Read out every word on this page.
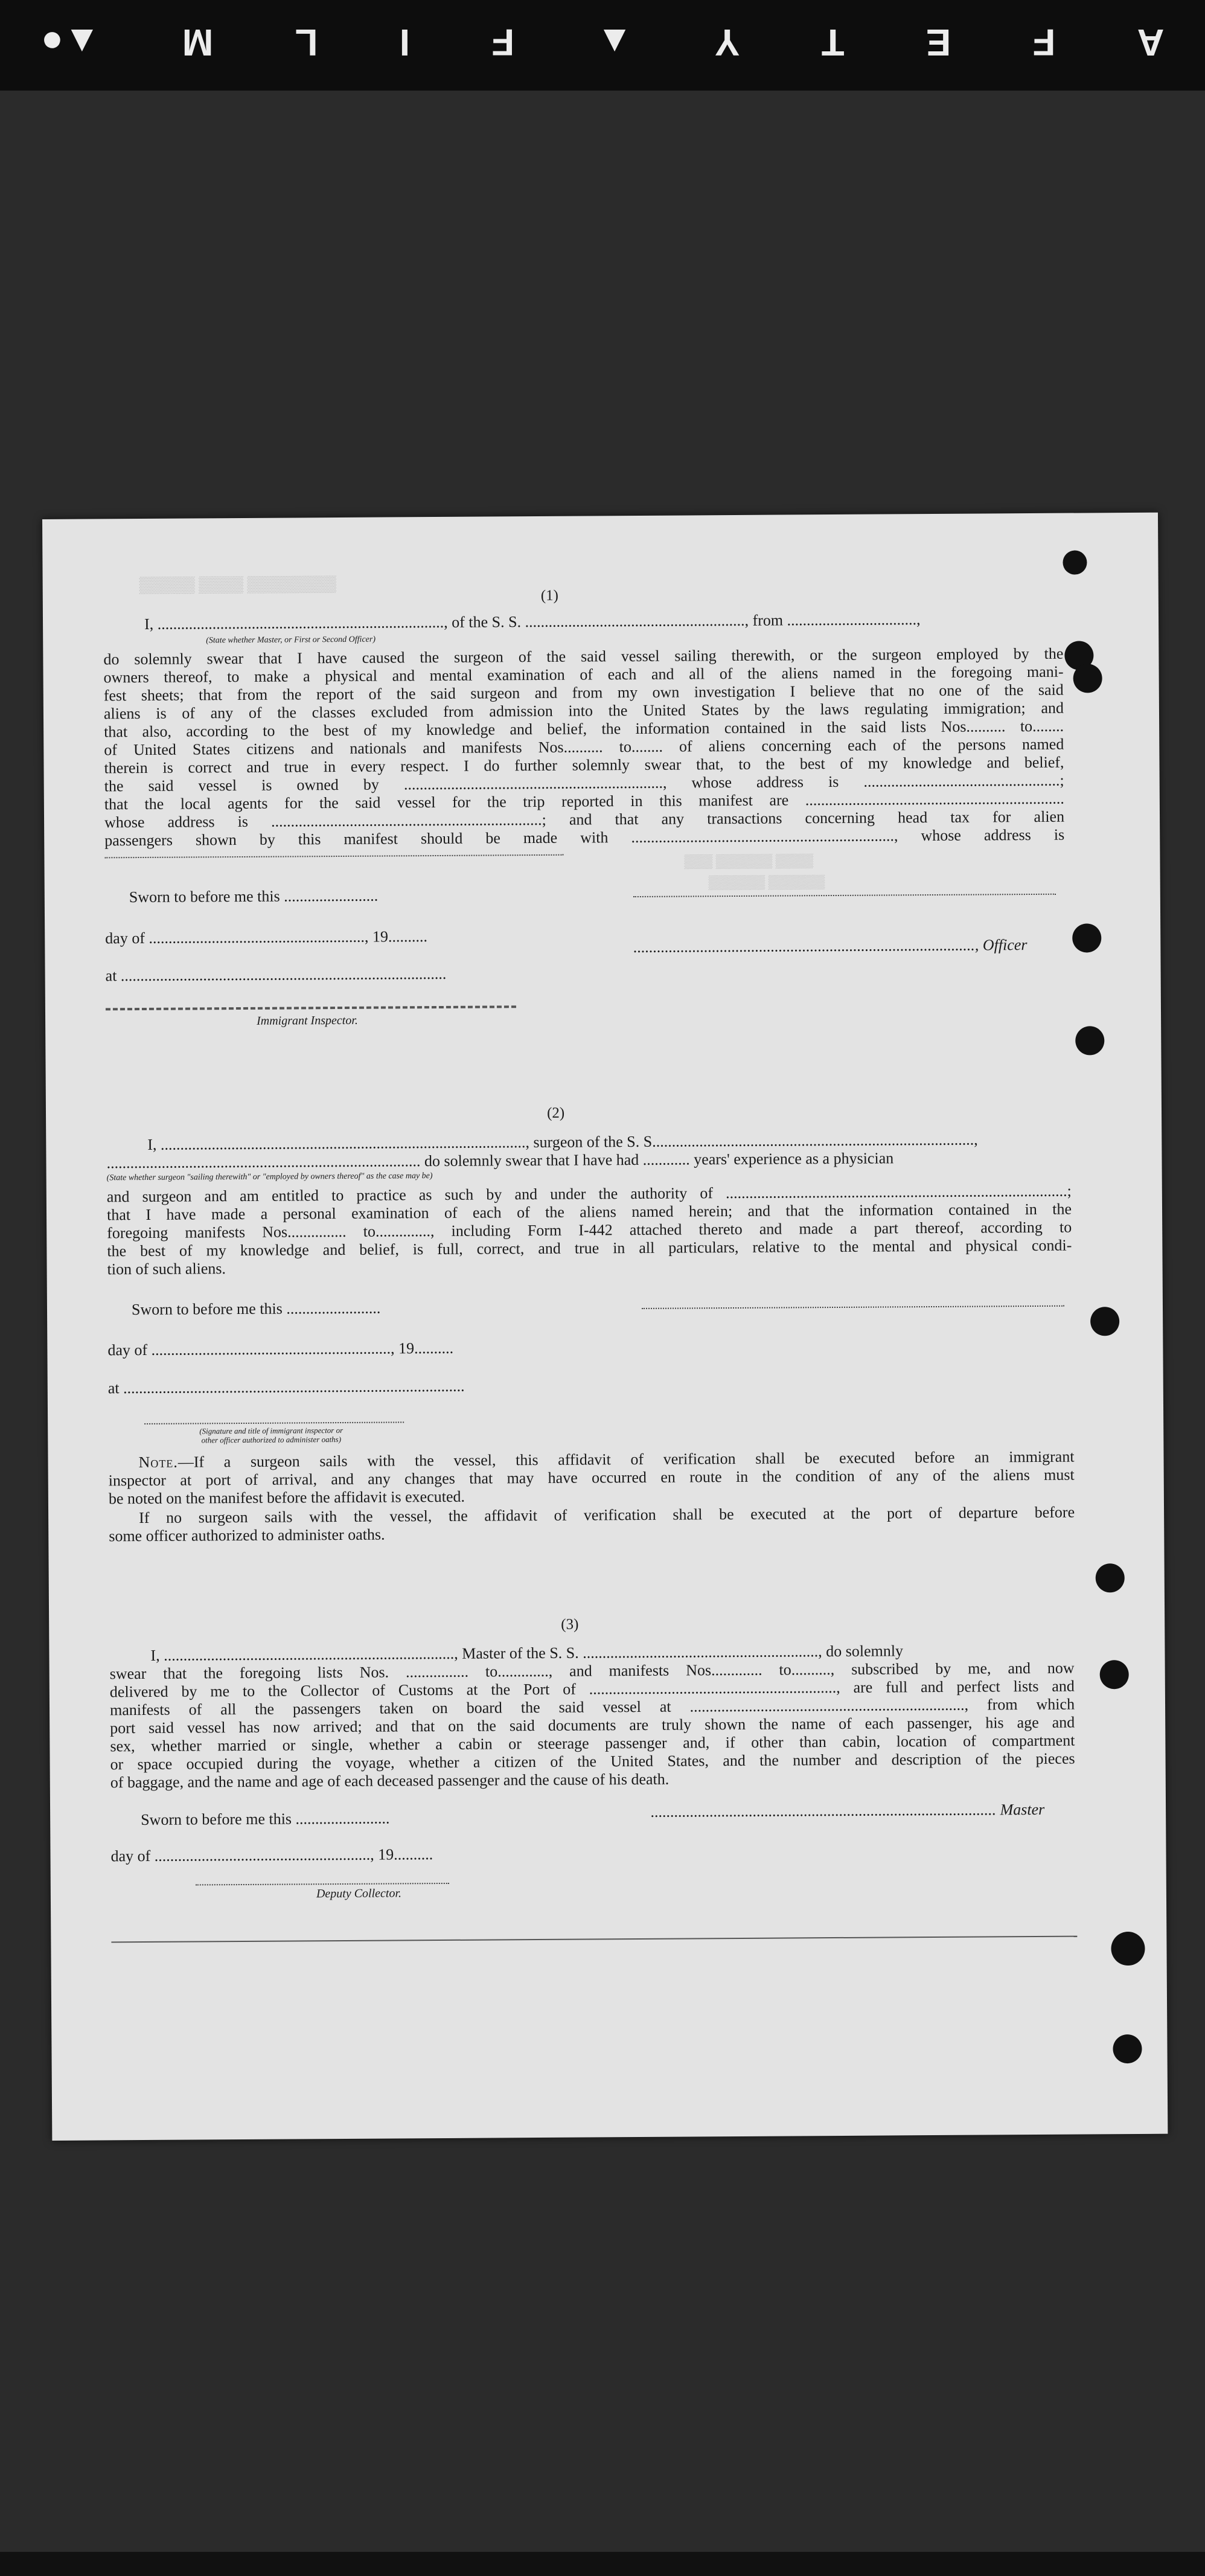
A
F
E
T
Y
▲
F
I
L
M
▲●
▒▒▒▒▒ ▒▒▒▒ ▒▒▒▒▒▒▒▒
▒▒▒ ▒▒▒▒▒▒ ▒▒▒▒
▒▒▒▒▒▒ ▒▒▒▒▒▒
(1)
I, ........................................................................., of the S. S. ........................................................, from .................................,
(State whether Master, or First or Second Officer)
do solemnly swear that I have caused the surgeon of the said vessel sailing therewith, or the surgeon employed by the
owners thereof, to make a physical and mental examination of each and all of the aliens named in the foregoing mani-
fest sheets; that from the report of the said surgeon and from my own investigation I believe that no one of the said
aliens is of any of the classes excluded from admission into the United States by the laws regulating immigration; and
that also, according to the best of my knowledge and belief, the information contained in the said lists Nos.......... to........
of United States citizens and nationals and manifests Nos.......... to........ of aliens concerning each of the persons named
therein is correct and true in every respect. I do further solemnly swear that, to the best of my knowledge and belief,
the said vessel is owned by .................................................................., whose address is ..................................................;
that the local agents for the said vessel for the trip reported in this manifest are ..................................................................
whose address is .....................................................................; and that any transactions concerning head tax for alien
passengers shown by this manifest should be made with ..................................................................., whose address is
Sworn to before me this ........................
day of ......................................................., 19..........	......................................................................................., Officer
at ...................................................................................
Immigrant Inspector.
(2)
I, ............................................................................................., surgeon of the S. S..................................................................................,
................................................................................ do solemnly swear that I have had ............ years' experience as a physician
(State whether surgeon "sailing therewith" or "employed by owners thereof" as the case may be)
and surgeon and am entitled to practice as such by and under the authority of .......................................................................................;
that I have made a personal examination of each of the aliens named herein; and that the information contained in the
foregoing manifests Nos............... to.............., including Form I-442 attached thereto and made a part thereof, according to
the best of my knowledge and belief, is full, correct, and true in all particulars, relative to the mental and physical condi-
tion of such aliens.
Sworn to before me this ........................
day of ............................................................., 19..........
at .......................................................................................
(Signature and title of immigrant inspector or
other officer authorized to administer oaths)
Note.—If a surgeon sails with the vessel, this affidavit of verification shall be executed before an immigrant
inspector at port of arrival, and any changes that may have occurred en route in the condition of any of the aliens must
be noted on the manifest before the affidavit is executed.
If no surgeon sails with the vessel, the affidavit of verification shall be executed at the port of departure before
some officer authorized to administer oaths.
(3)
I, .........................................................................., Master of the S. S. ............................................................, do solemnly
swear that the foregoing lists Nos. ................ to............., and manifests Nos............. to.........., subscribed by me, and now
delivered by me to the Collector of Customs at the Port of ..............................................................., are full and perfect lists and
manifests of all the passengers taken on board the said vessel at ......................................................................, from which
port said vessel has now arrived; and that on the said documents are truly shown the name of each passenger, his age and
sex, whether married or single, whether a cabin or steerage passenger and, if other than cabin, location of compartment
or space occupied during the voyage, whether a citizen of the United States, and the number and description of the pieces
of baggage, and the name and age of each deceased passenger and the cause of his death.
Sworn to before me this ........................	........................................................................................ Master
day of ......................................................., 19..........
Deputy Collector.
